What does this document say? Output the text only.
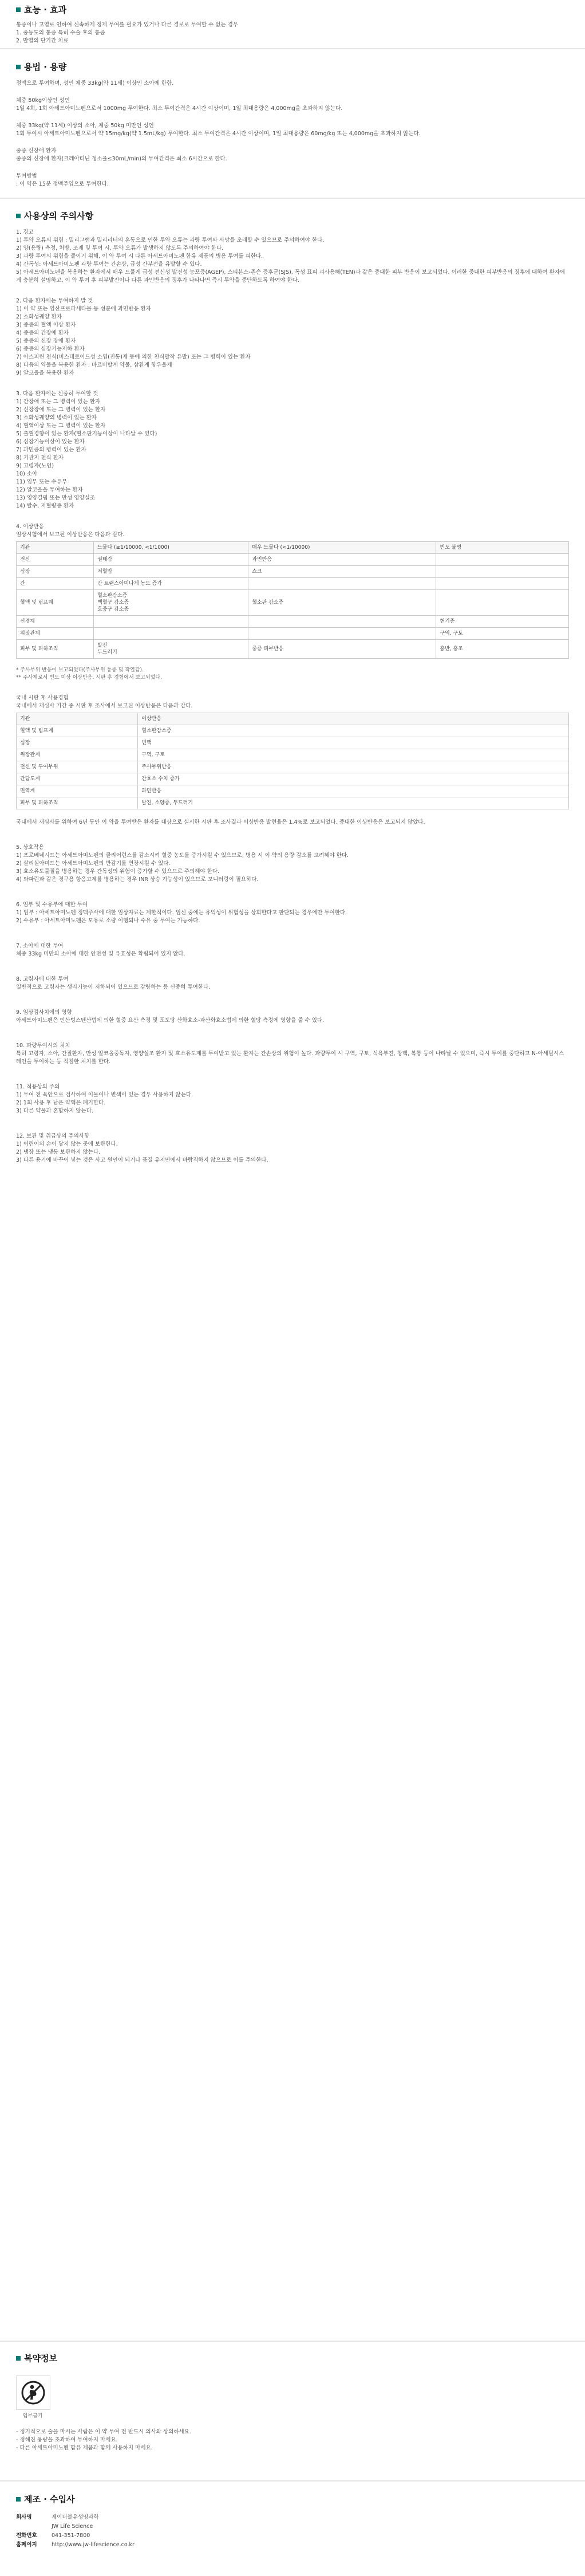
효능 · 효과
통증이나 고열로 인하여 신속하게 정제 투여를 필요가 있거나 다른 경로로 투여할 수 없는 경우
1. 중등도의 통증 특히 수술 후의 통증
2. 발열의 단기간 치료
용법 · 용량
정맥으로 투여하며, 성인 체중 33kg(약 11세) 이상인 소아에 한함.
체중 50kg이상인 성인
1일 4회, 1회 아세트아미노펜으로서 1000mg 투여한다. 최소 투여간격은 4시간 이상이며, 1일 최대용량은 4,000mg을 초과하지 않는다.
체중 33kg(약 11세) 이상의 소아, 체중 50kg 미만인 성인
1회 투여시 아세트아미노펜으로서 약 15mg/kg(약 1.5mL/kg) 투여한다. 최소 투여간격은 4시간 이상이며, 1일 최대용량은 60mg/kg 또는 4,000mg을 초과하지 않는다.
중증 신장애 환자
중증의 신장애 환자(크레아티닌 청소율≤30mL/min)의 투여간격은 최소 6시간으로 한다.
투여방법
: 이 약은 15분 정맥주입으로 투여한다.
사용상의 주의사항
1. 경고
1) 투약 오류의 위험 : 밀리그램과 밀리리터의 혼동으로 인한 투약 오류는 과량 투여와 사망을 초래할 수 있으므로 주의하여야 한다.
2) 양(용량) 측정, 처방, 조제 및 투여 시, 투약 오류가 발생하지 않도록 주의하여야 한다.
3) 과량 투여의 위험을 줄이기 위해, 이 약 투여 시 다른 아세트아미노펜 함유 제품의 병용 투여를 피한다.
4) 간독성: 아세트아미노펜 과량 투여는 간손상, 급성 간부전을 유발할 수 있다.
5) 아세트아미노펜을 복용하는 환자에서 매우 드물게 급성 전신성 발진성 농포증(AGEP), 스티븐스-존슨 증후군(SJS), 독성 표피 괴사용해(TEN)과 같은 중대한 피부 반응이 보고되었다. 이러한 중대한 피부반응의 징후에 대하여 환자에게 충분히 설명하고, 이 약 투여 후 피부발진이나 다른 과민반응의 징후가 나타나면 즉시 투약을 중단하도록 하여야 한다.
2. 다음 환자에는 투여하지 말 것
1) 이 약 또는 염산프로파세타몰 등 성분에 과민반응 환자
2) 소화성궤양 환자
3) 중증의 혈액 이상 환자
4) 중증의 간장애 환자
5) 중증의 신장 장애 환자
6) 중증의 심장기능저하 환자
7) 아스피린 천식(비스테로이드성 소염(진통)제 등에 의한 천식발작 유발) 또는 그 병력이 있는 환자
8) 다음의 약물을 복용한 환자 : 바르비탈계 약물, 삼환계 항우울제
9) 알코올을 복용한 환자
3. 다음 환자에는 신중히 투여할 것
1) 간장애 또는 그 병력이 있는 환자
2) 신장장애 또는 그 병력이 있는 환자
3) 소화성궤양의 병력이 있는 환자
4) 혈액이상 또는 그 병력이 있는 환자
5) 출혈경향이 있는 환자(혈소판기능이상이 나타날 수 있다)
6) 심장기능이상이 있는 환자
7) 과민증의 병력이 있는 환자
8) 기관지 천식 환자
9) 고령자(노인)
10) 소아
11) 임부 또는 수유부
12) 알코올을 투여하는 환자
13) 영양결핍 또는 만성 영양실조
14) 탈수, 저혈량증 환자
4. 이상반응
임상시험에서 보고된 이상반응은 다음과 같다.
기관	드물다 (≥1/10000, <1/1000)	매우 드물다 (<1/10000)	빈도 불명
전신	권태감	과민반응	
심장	저혈압	쇼크	
간	간 트랜스아미나제 농도 증가		
혈액 및 림프계	혈소판감소증
백혈구 감소증
호중구 감소증	혈소판 감소증	
신경계			현기증
위장관계			구역, 구토
피부 및 피하조직	발진
두드러기	중증 피부반응	홍반, 홍조
* 주사부위 반응이 보고되었다(주사부위 통증 및 작열감).
** 주사제로서 빈도 미상 이상반응. 시판 후 경험에서 보고되었다.
국내 시판 후 사용경험
국내에서 재심사 기간 중 시판 후 조사에서 보고된 이상반응은 다음과 같다.
기관	이상반응
혈액 및 림프계	혈소판감소증
심장	빈맥
위장관계	구역, 구토
전신 및 투여부위	주사부위반응
간담도계	간효소 수치 증가
면역계	과민반응
피부 및 피하조직	발진, 소양증, 두드러기
국내에서 재심사를 위하여 6년 동안 이 약을 투여받은 환자를 대상으로 실시한 시판 후 조사결과 이상반응 발현율은 1.4%로 보고되었다. 중대한 이상반응은 보고되지 않았다.
5. 상호작용
1) 프로베네시드는 아세트아미노펜의 클리어런스를 감소시켜 혈중 농도를 증가시킬 수 있으므로, 병용 시 이 약의 용량 감소를 고려해야 한다.
2) 살리실아미드는 아세트아미노펜의 반감기를 연장시킬 수 있다.
3) 효소유도물질을 병용하는 경우 간독성의 위험이 증가할 수 있으므로 주의해야 한다.
4) 와파린과 같은 경구용 항응고제를 병용하는 경우 INR 상승 가능성이 있으므로 모니터링이 필요하다.
6. 임부 및 수유부에 대한 투여
1) 임부 : 아세트아미노펜 정맥주사에 대한 임상자료는 제한적이다. 임신 중에는 유익성이 위험성을 상회한다고 판단되는 경우에만 투여한다.
2) 수유부 : 아세트아미노펜은 모유로 소량 이행되나 수유 중 투여는 가능하다.
7. 소아에 대한 투여
체중 33kg 미만의 소아에 대한 안전성 및 유효성은 확립되어 있지 않다.
8. 고령자에 대한 투여
일반적으로 고령자는 생리기능이 저하되어 있으므로 감량하는 등 신중히 투여한다.
9. 임상검사치에의 영향
아세트아미노펜은 인산텅스텐산법에 의한 혈중 요산 측정 및 포도당 산화효소-과산화효소법에 의한 혈당 측정에 영향을 줄 수 있다.
10. 과량투여시의 처치
특히 고령자, 소아, 간질환자, 만성 알코올중독자, 영양실조 환자 및 효소유도제를 투여받고 있는 환자는 간손상의 위험이 높다. 과량투여 시 구역, 구토, 식욕부진, 창백, 복통 등이 나타날 수 있으며, 즉시 투여를 중단하고 N-아세틸시스테인을 투여하는 등 적절한 처치를 한다.
11. 적용상의 주의
1) 투여 전 육안으로 검사하여 이물이나 변색이 있는 경우 사용하지 않는다.
2) 1회 사용 후 남은 약액은 폐기한다.
3) 다른 약물과 혼합하지 않는다.
12. 보관 및 취급상의 주의사항
1) 어린이의 손이 닿지 않는 곳에 보관한다.
2) 냉장 또는 냉동 보관하지 않는다.
3) 다른 용기에 바꾸어 넣는 것은 사고 원인이 되거나 품질 유지면에서 바람직하지 않으므로 이를 주의한다.
복약정보
임부금기
- 정기적으로 술을 마시는 사람은 이 약 투여 전 반드시 의사와 상의하세요.
- 정해진 용량을 초과하여 투여하지 마세요.
- 다른 아세트아미노펜 함유 제품과 함께 사용하지 마세요.
제조 · 수입사
회사명	제이더블유생명과학
JW Life Science
전화번호	041-351-7800
홈페이지	http://www.jw-lifescience.co.kr
